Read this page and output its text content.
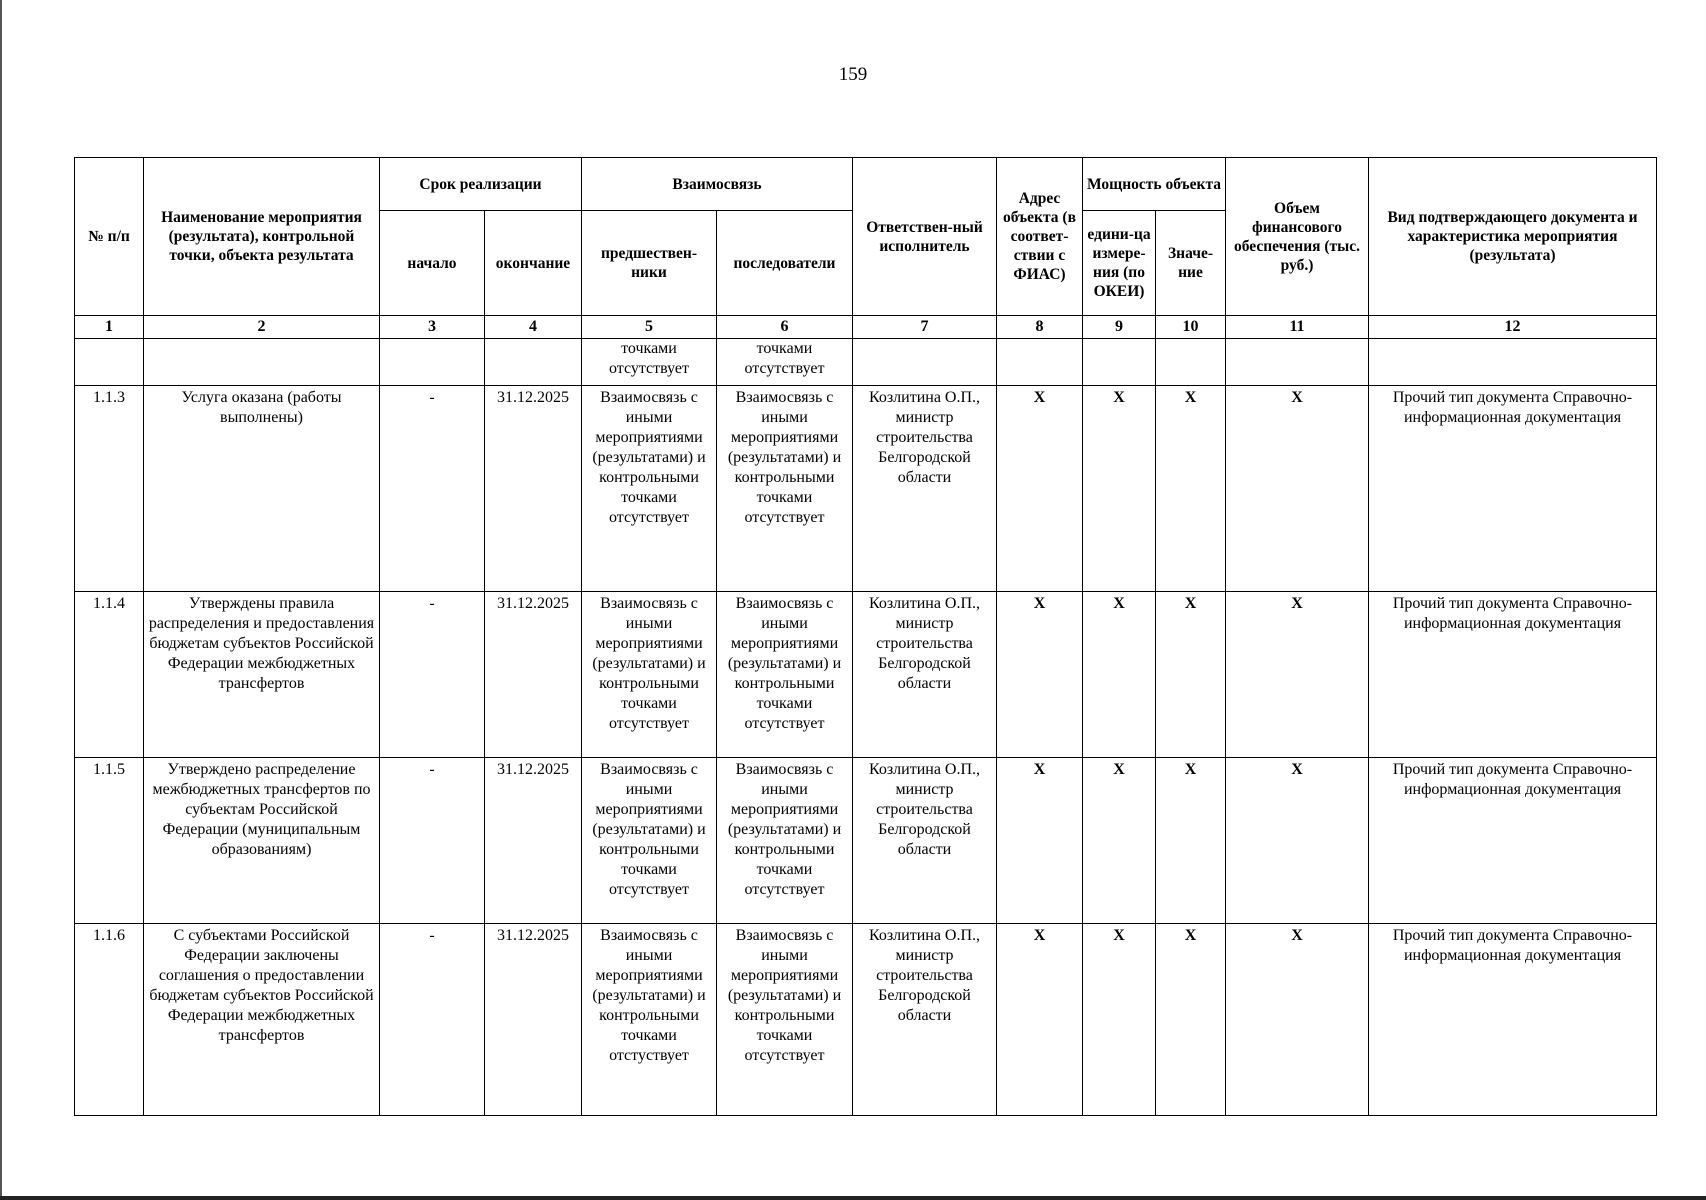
159
№ п/п	Наименование мероприятия (результата), контрольной точки, объекта результата	Срок реализации		Взаимосвязь		Ответствен-ный исполнитель	Адрес объекта (в соответ-ствии с ФИАС)	Мощность объекта		Объем финансового обеспечения (тыс. руб.)	Вид подтверждающего документа и характеристика мероприятия (результата)
		начало	окончание	предшествен-ники	последователи			едини-ца измере-ния (по ОКЕИ)	Значе-ние		
1	2	3	4	5	6	7	8	9	10	11	12
				точками отсутствует	точками отсутствует						
1.1.3	Услуга оказана (работы выполнены)	-	31.12.2025	Взаимосвязь с иными мероприятиями (результатами) и контрольными точками отсутствует	Взаимосвязь с иными мероприятиями (результатами) и контрольными точками отсутствует	Козлитина О.П., министр строительства Белгородской области	X	X	X	X	Прочий тип документа Справочно-информационная документация
1.1.4	Утверждены правила распределения и предоставления бюджетам субъектов Российской Федерации межбюджетных трансфертов	-	31.12.2025	Взаимосвязь с иными мероприятиями (результатами) и контрольными точками отсутствует	Взаимосвязь с иными мероприятиями (результатами) и контрольными точками отсутствует	Козлитина О.П., министр строительства Белгородской области	X	X	X	X	Прочий тип документа Справочно-информационная документация
1.1.5	Утверждено распределение межбюджетных трансфертов по субъектам Российской Федерации (муниципальным образованиям)	-	31.12.2025	Взаимосвязь с иными мероприятиями (результатами) и контрольными точками отсутствует	Взаимосвязь с иными мероприятиями (результатами) и контрольными точками отсутствует	Козлитина О.П., министр строительства Белгородской области	X	X	X	X	Прочий тип документа Справочно-информационная документация
1.1.6	С субъектами Российской Федерации заключены соглашения о предоставлении бюджетам субъектов Российской Федерации межбюджетных трансфертов	-	31.12.2025	Взаимосвязь с иными мероприятиями (результатами) и контрольными точками отстуствует	Взаимосвязь с иными мероприятиями (результатами) и контрольными точками отсутствует	Козлитина О.П., министр строительства Белгородской области	X	X	X	X	Прочий тип документа Справочно-информационная документация
